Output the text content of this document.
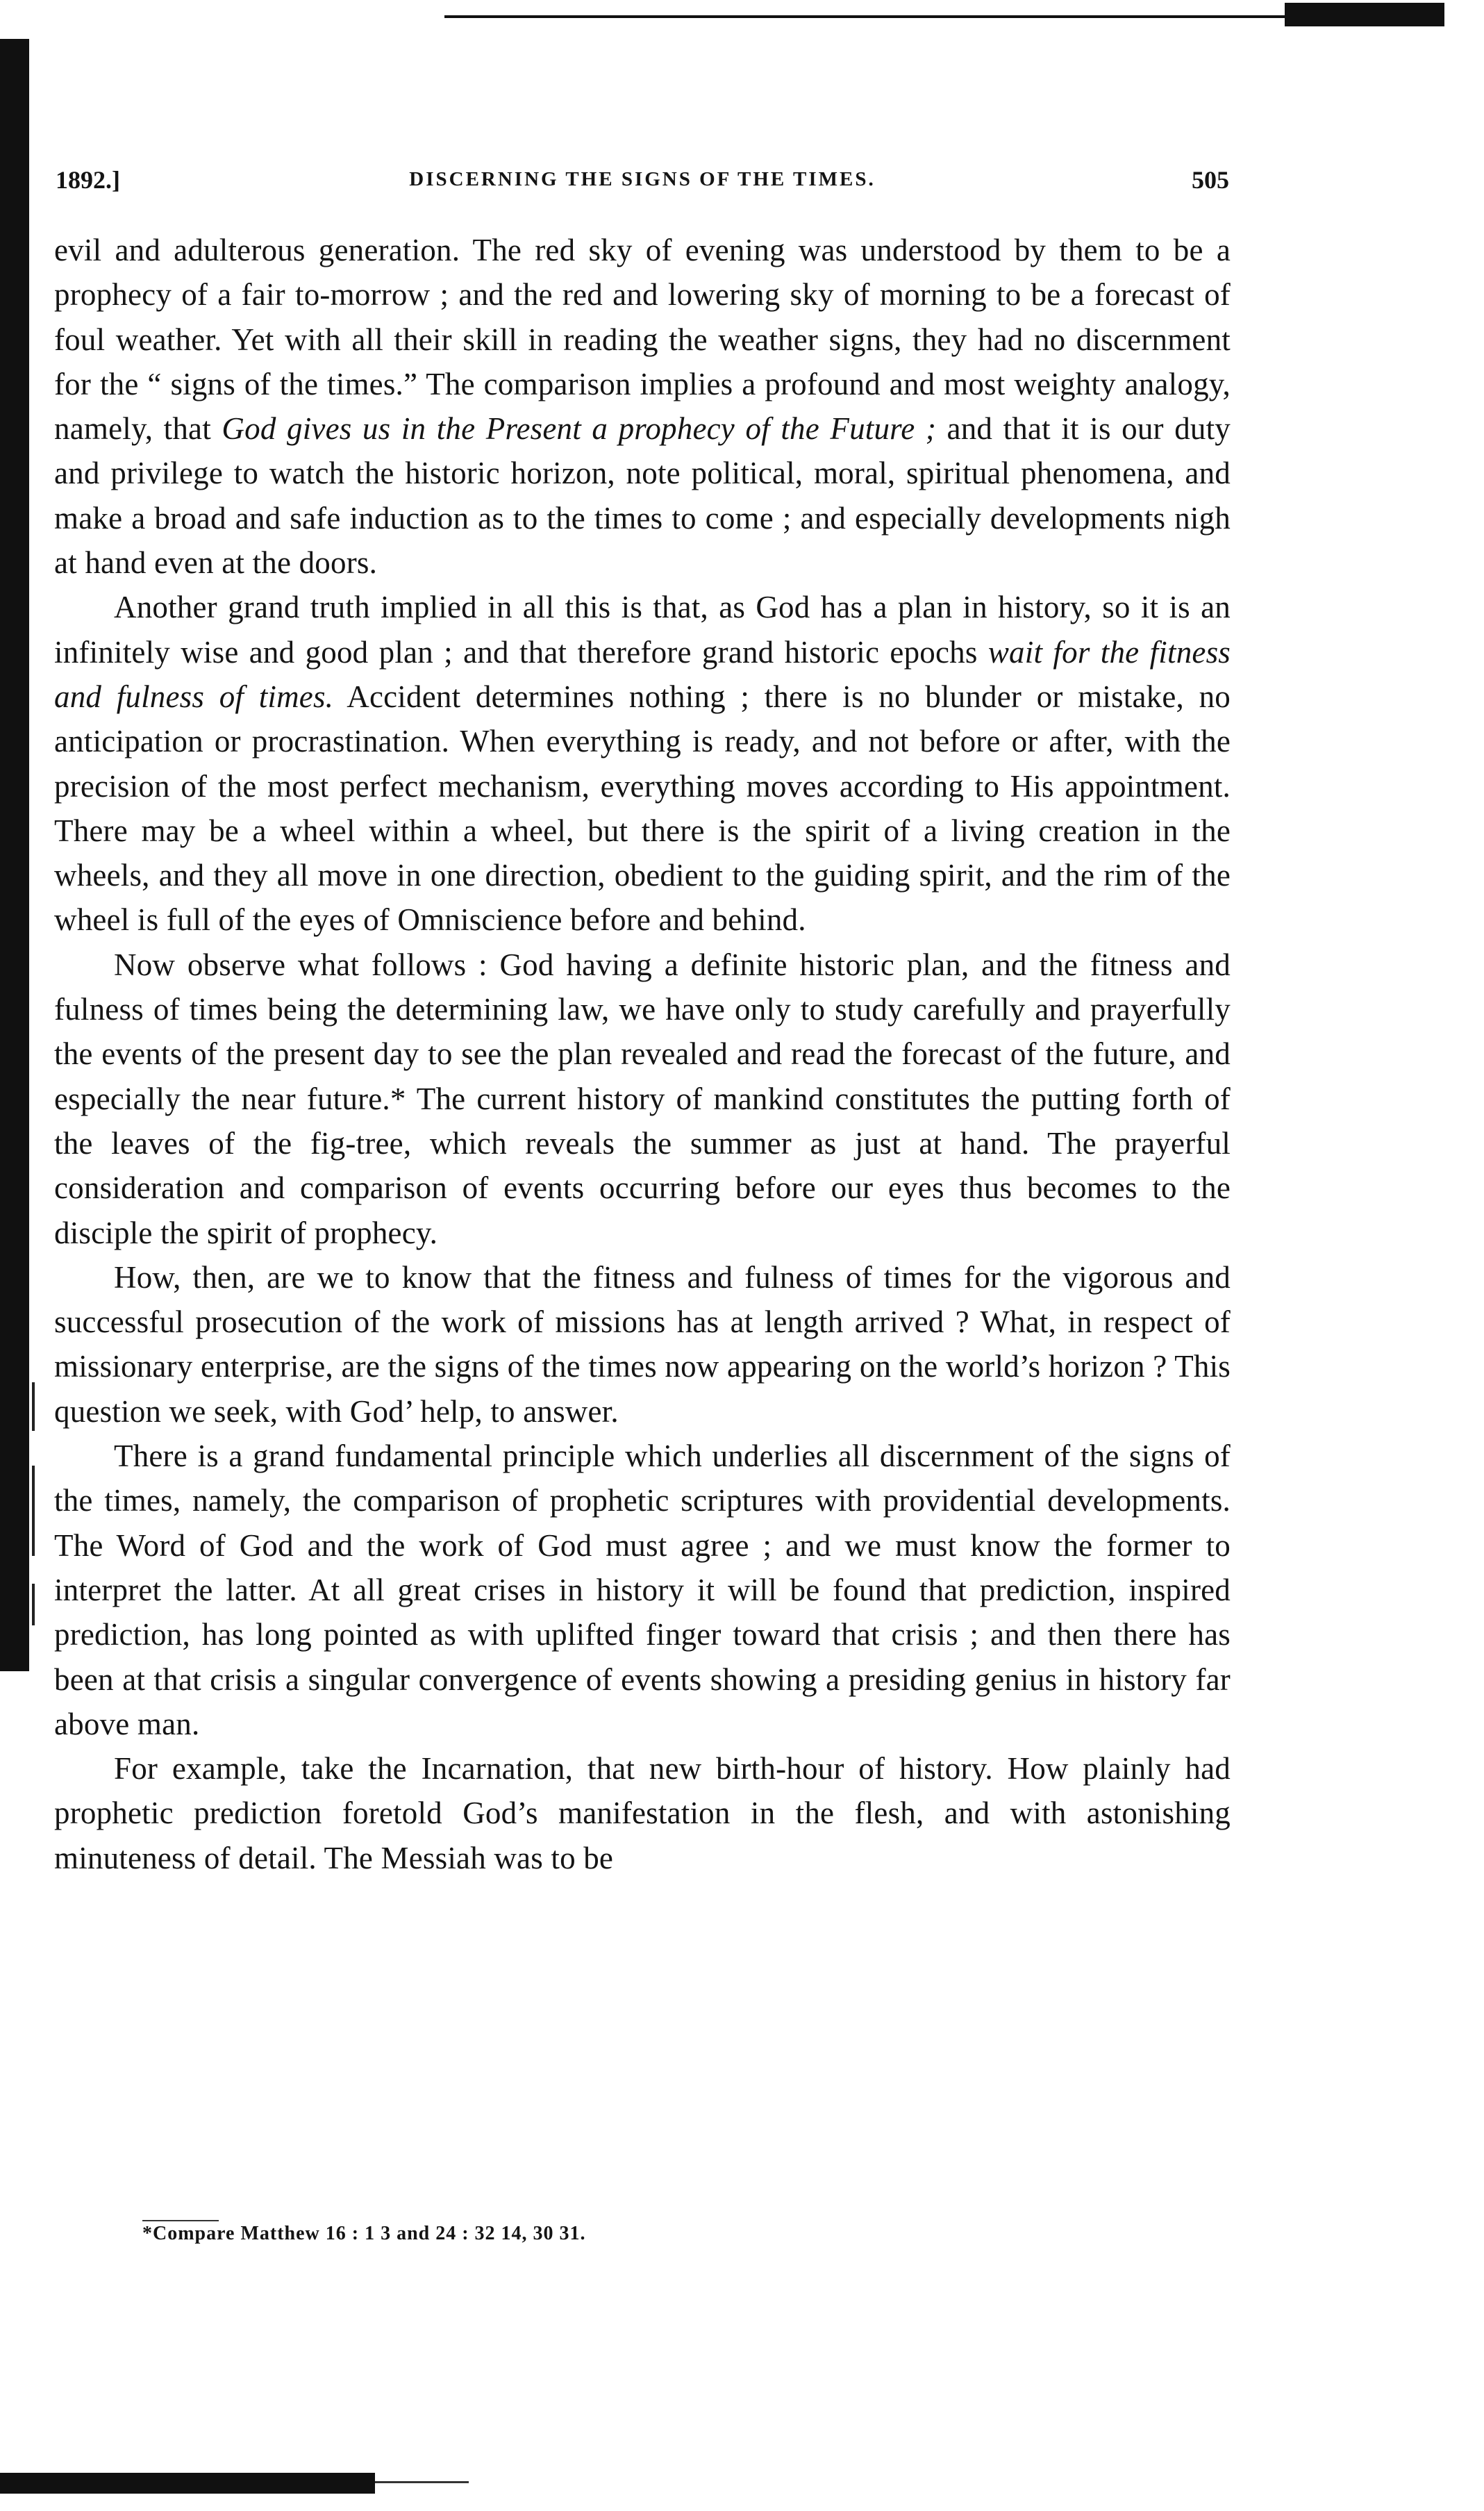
1892.]	DISCERNING THE SIGNS OF THE TIMES.	505

evil and adulterous generation. The red sky of evening was understood by them to be a prophecy of a fair to-morrow ; and the red and lowering sky of morning to be a forecast of foul weather. Yet with all their skill in reading the weather signs, they had no discernment for the “ signs of the times.” The comparison implies a profound and most weighty analogy, namely, that God gives us in the Present a prophecy of the Future ; and that it is our duty and privilege to watch the historic horizon, note political, moral, spiritual phenomena, and make a broad and safe induction as to the times to come ; and especially developments nigh at hand even at the doors.

Another grand truth implied in all this is that, as God has a plan in history, so it is an infinitely wise and good plan ; and that therefore grand historic epochs wait for the fitness and fulness of times. Accident determines nothing ; there is no blunder or mistake, no anticipation or procrastination. When everything is ready, and not before or after, with the precision of the most perfect mechanism, everything moves according to His appointment. There may be a wheel within a wheel, but there is the spirit of a living creation in the wheels, and they all move in one direction, obedient to the guiding spirit, and the rim of the wheel is full of the eyes of Omniscience before and behind.

Now observe what follows : God having a definite historic plan, and the fitness and fulness of times being the determining law, we have only to study carefully and prayerfully the events of the present day to see the plan revealed and read the forecast of the future, and especially the near future.* The current history of mankind constitutes the putting forth of the leaves of the fig-tree, which reveals the summer as just at hand. The prayerful consideration and comparison of events occurring before our eyes thus becomes to the disciple the spirit of prophecy.

How, then, are we to know that the fitness and fulness of times for the vigorous and successful prosecution of the work of missions has at length arrived ? What, in respect of missionary enterprise, are the signs of the times now appearing on the world’s horizon ? This question we seek, with God’ help, to answer.

There is a grand fundamental principle which underlies all discernment of the signs of the times, namely, the comparison of prophetic scriptures with providential developments. The Word of God and the work of God must agree ; and we must know the former to interpret the latter. At all great crises in history it will be found that prediction, inspired prediction, has long pointed as with uplifted finger toward that crisis ; and then there has been at that crisis a singular convergence of events showing a presiding genius in history far above man.

For example, take the Incarnation, that new birth-hour of history. How plainly had prophetic prediction foretold God’s manifestation in the flesh, and with astonishing minuteness of detail. The Messiah was to be

*Compare Matthew 16 : 1 3 and 24 : 32 14, 30 31.
